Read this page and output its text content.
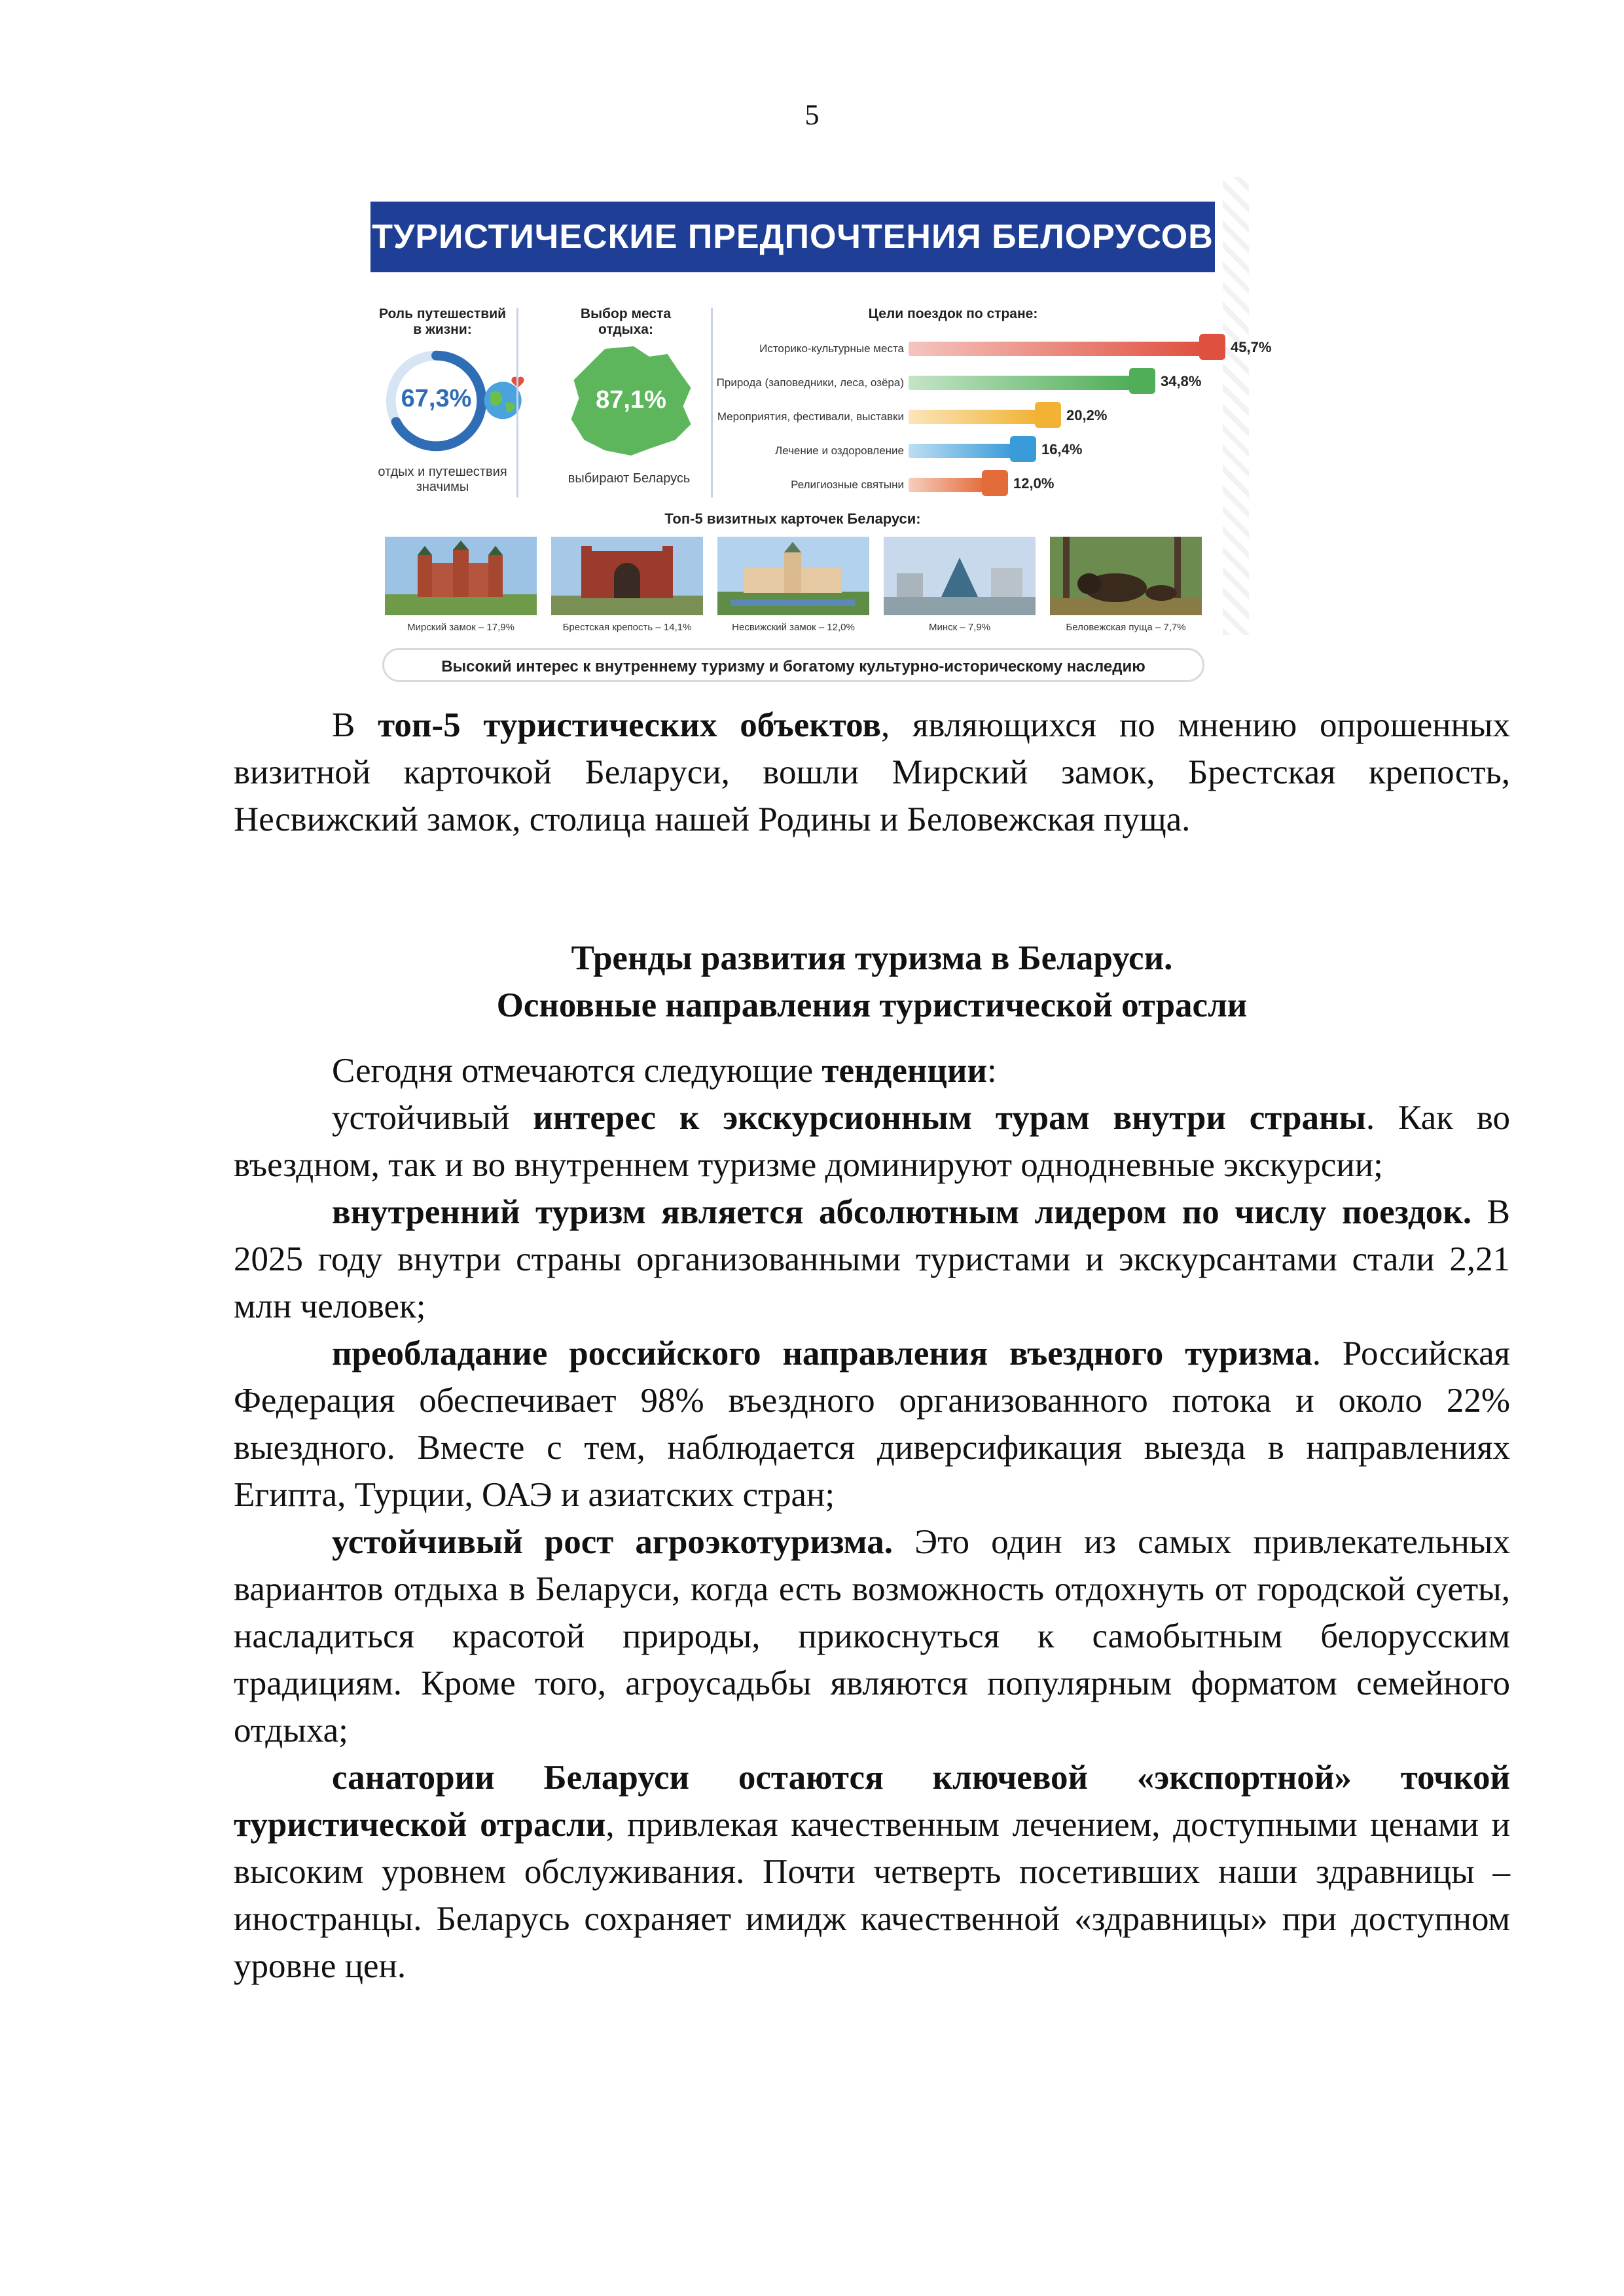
5
ТУРИСТИЧЕСКИЕ ПРЕДПОЧТЕНИЯ БЕЛОРУСОВ
Роль путешествий в жизни:
67,3%
отдых и путешествия значимы
Выбор места отдыха:
87,1%
выбирают Беларусь
Цели поездок по стране:
Историко-культурные места	45,7%
Природа (заповедники, леса, озёра)	34,8%
Мероприятия, фестивали, выставки	20,2%
Лечение и оздоровление	16,4%
Религиозные святыни	12,0%
Топ-5 визитных карточек Беларуси:
Мирский замок – 17,9%	Брестская крепость – 14,1%	Несвижский замок – 12,0%	Минск – 7,9%	Беловежская пуща – 7,7%
Высокий интерес к внутреннему туризму и богатому культурно-историческому наследию

В топ-5 туристических объектов, являющихся по мнению опрошенных визитной карточкой Беларуси, вошли Мирский замок, Брестская крепость, Несвижский замок, столица нашей Родины и Беловежская пуща.

Тренды развития туризма в Беларуси.
Основные направления туристической отрасли

Сегодня отмечаются следующие тенденции:

устойчивый интерес к экскурсионным турам внутри страны. Как во въездном, так и во внутреннем туризме доминируют однодневные экскурсии;

внутренний туризм является абсолютным лидером по числу поездок. В 2025 году внутри страны организованными туристами и экскурсантами стали 2,21 млн человек;

преобладание российского направления въездного туризма. Российская Федерация обеспечивает 98% въездного организованного потока и около 22% выездного. Вместе с тем, наблюдается диверсификация выезда в направлениях Египта, Турции, ОАЭ и азиатских стран;

устойчивый рост агроэкотуризма. Это один из самых привлекательных вариантов отдыха в Беларуси, когда есть возможность отдохнуть от городской суеты, насладиться красотой природы, прикоснуться к самобытным белорусским традициям. Кроме того, агроусадьбы являются популярным форматом семейного отдыха;

санатории Беларуси остаются ключевой «экспортной» точкой туристической отрасли, привлекая качественным лечением, доступными ценами и высоким уровнем обслуживания. Почти четверть посетивших наши здравницы – иностранцы. Беларусь сохраняет имидж качественной «здравницы» при доступном уровне цен.
